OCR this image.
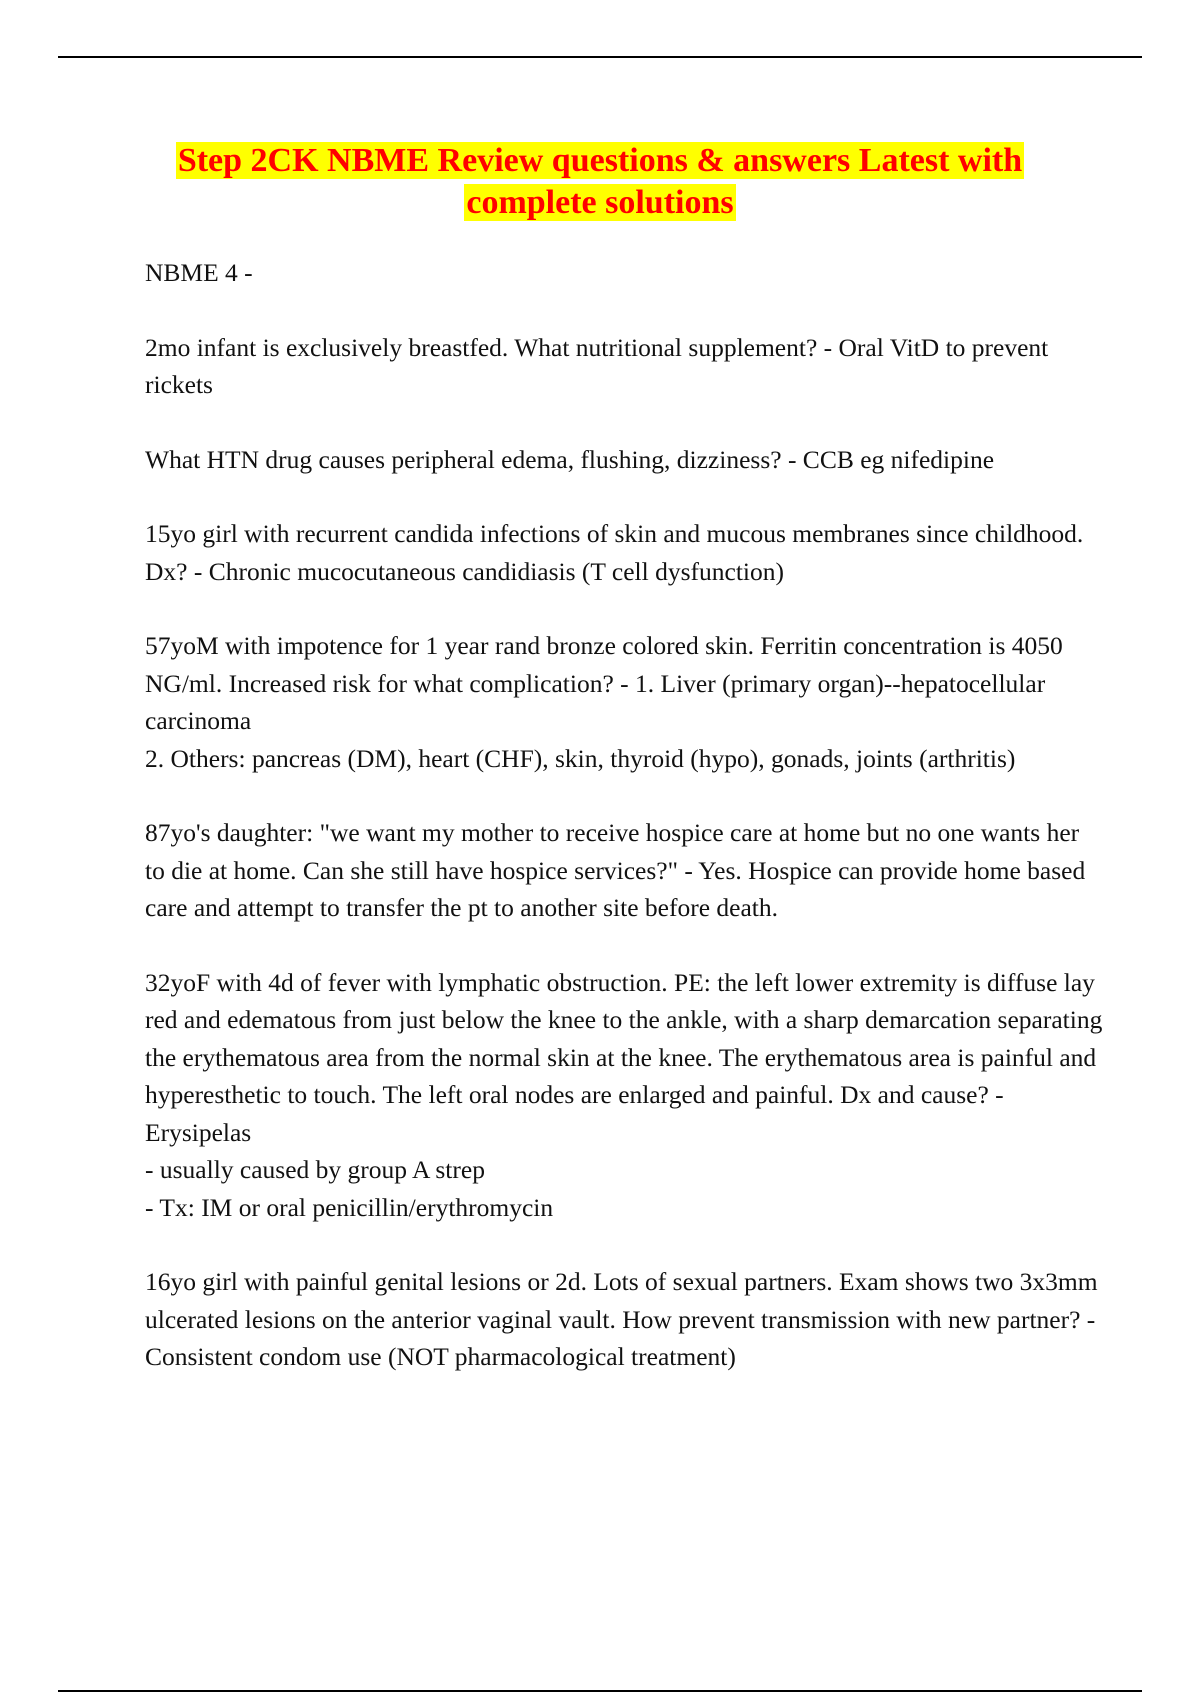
Step 2CK NBME Review questions & answers Latest with
complete solutions

NBME 4 -

2mo infant is exclusively breastfed. What nutritional supplement? - Oral VitD to prevent rickets

What HTN drug causes peripheral edema, flushing, dizziness? - CCB eg nifedipine

15yo girl with recurrent candida infections of skin and mucous membranes since childhood. Dx? - Chronic mucocutaneous candidiasis (T cell dysfunction)

57yoM with impotence for 1 year rand bronze colored skin. Ferritin concentration is 4050 NG/ml. Increased risk for what complication? - 1. Liver (primary organ)--hepatocellular carcinoma

2. Others: pancreas (DM), heart (CHF), skin, thyroid (hypo), gonads, joints (arthritis)

87yo's daughter: "we want my mother to receive hospice care at home but no one wants her to die at home. Can she still have hospice services?" - Yes. Hospice can provide home based care and attempt to transfer the pt to another site before death.

32yoF with 4d of fever with lymphatic obstruction. PE: the left lower extremity is diffuse lay red and edematous from just below the knee to the ankle, with a sharp demarcation separating the erythematous area from the normal skin at the knee. The erythematous area is painful and hyperesthetic to touch. The left oral nodes are enlarged and painful. Dx and cause? - Erysipelas

- usually caused by group A strep

- Tx: IM or oral penicillin/erythromycin

16yo girl with painful genital lesions or 2d. Lots of sexual partners. Exam shows two 3x3mm ulcerated lesions on the anterior vaginal vault. How prevent transmission with new partner? - Consistent condom use (NOT pharmacological treatment)
